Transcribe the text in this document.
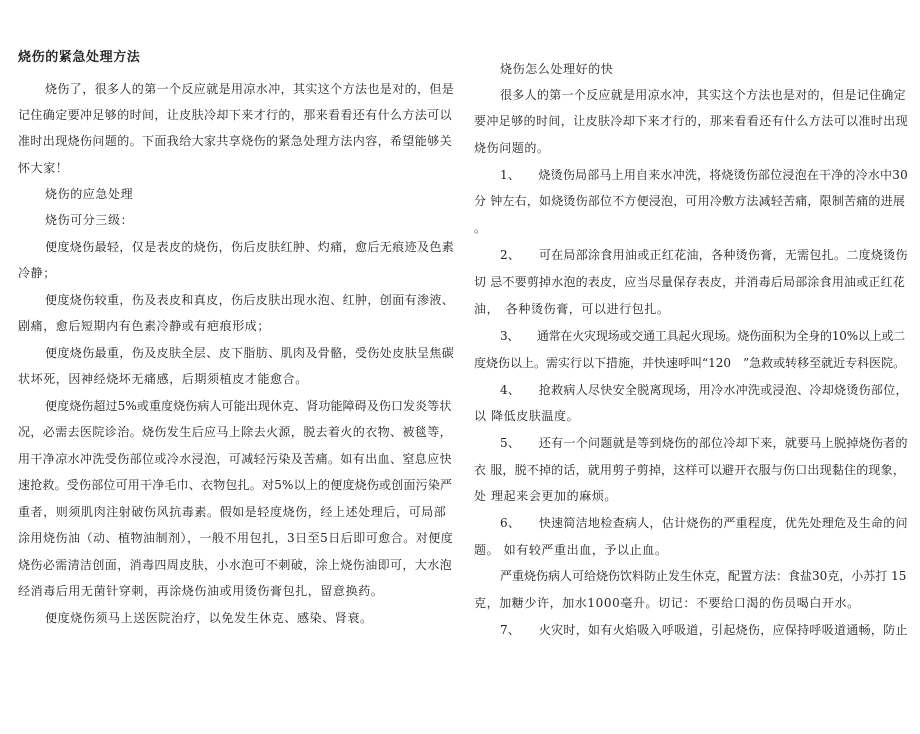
烧伤的紧急处理方法
烧伤了，很多人的第一个反应就是用凉水冲，其实这个方法也是对的，但是
记住确定要冲足够的时间，让皮肤冷却下来才行的，那来看看还有什么方法可以
准时出现烧伤问题的。下面我给大家共享烧伤的紧急处理方法内容，希望能够关
怀大家！
烧伤的应急处理
烧伤可分三级：
便度烧伤最轻，仅是表皮的烧伤，伤后皮肤红肿、灼痛，愈后无痕迹及色素
冷静；
便度烧伤较重，伤及表皮和真皮，伤后皮肤出现水泡、红肿，创面有渗液、
剧痛，愈后短期内有色素冷静或有疤痕形成；
便度烧伤最重，伤及皮肤全层、皮下脂肪、肌肉及骨骼，受伤处皮肤呈焦碳
状坏死，因神经烧坏无痛感，后期须植皮才能愈合。
便度烧伤超过5%或重度烧伤病人可能出现休克、肾功能障碍及伤口发炎等状
况，必需去医院诊治。烧伤发生后应马上除去火源，脱去着火的衣物、被毯等，
用干净凉水冲洗受伤部位或冷水浸泡，可减轻污染及苦痛。如有出血、窒息应快
速抢救。受伤部位可用干净毛巾、衣物包扎。对5%以上的便度烧伤或创面污染严
重者，则须肌肉注射破伤风抗毒素。假如是轻度烧伤，经上述处理后，可局部
涂用烧伤油（动、植物油制剂），一般不用包扎，3日至5日后即可愈合。对便度
烧伤必需清洁创面，消毒四周皮肤，小水泡可不刺破，涂上烧伤油即可，大水泡
经消毒后用无菌针穿刺，再涂烧伤油或用烫伤膏包扎，留意换药。
便度烧伤须马上送医院治疗，以免发生休克、感染、肾衰。
烧伤怎么处理好的快
很多人的第一个反应就是用凉水冲，其实这个方法也是对的，但是记住确定
要冲足够的时间，让皮肤冷却下来才行的，那来看看还有什么方法可以准时出现
烧伤问题的。
1、　　烧烫伤局部马上用自来水冲洗，将烧烫伤部位浸泡在干净的冷水中30
分 钟左右，如烧烫伤部位不方便浸泡，可用冷敷方法减轻苦痛，限制苦痛的进展
。
2、　　可在局部涂食用油或正红花油，各种烫伤膏，无需包扎。二度烧烫伤
切 忌不要剪掉水泡的表皮，应当尽量保存表皮，并消毒后局部涂食用油或正红花
油，　各种烫伤膏，可以进行包扎。
3、　　通常在火灾现场或交通工具起火现场。烧伤面积为全身的10%以上或二
度烧伤以上。需实行以下措施，并快速呼叫“120　”急救或转移至就近专科医院。
4、　　抢救病人尽快安全脱离现场，用冷水冲洗或浸泡、冷却烧烫伤部位，
以 降低皮肤温度。
5、　　还有一个问题就是等到烧伤的部位冷却下来，就要马上脱掉烧伤者的
衣 服，脱不掉的话，就用剪子剪掉，这样可以避开衣服与伤口出现黏住的现象，
处 理起来会更加的麻烦。
6、　　快速简洁地检查病人，估计烧伤的严重程度，优先处理危及生命的问
题。 如有较严重出血，予以止血。
严重烧伤病人可给烧伤饮料防止发生休克，配置方法：食盐30克，小苏打 15
克，加糖少许，加水1000毫升。切记：不要给口渴的伤员喝白开水。
7、　　火灾时，如有火焰吸入呼吸道，引起烧伤，应保持呼吸道通畅，防止
